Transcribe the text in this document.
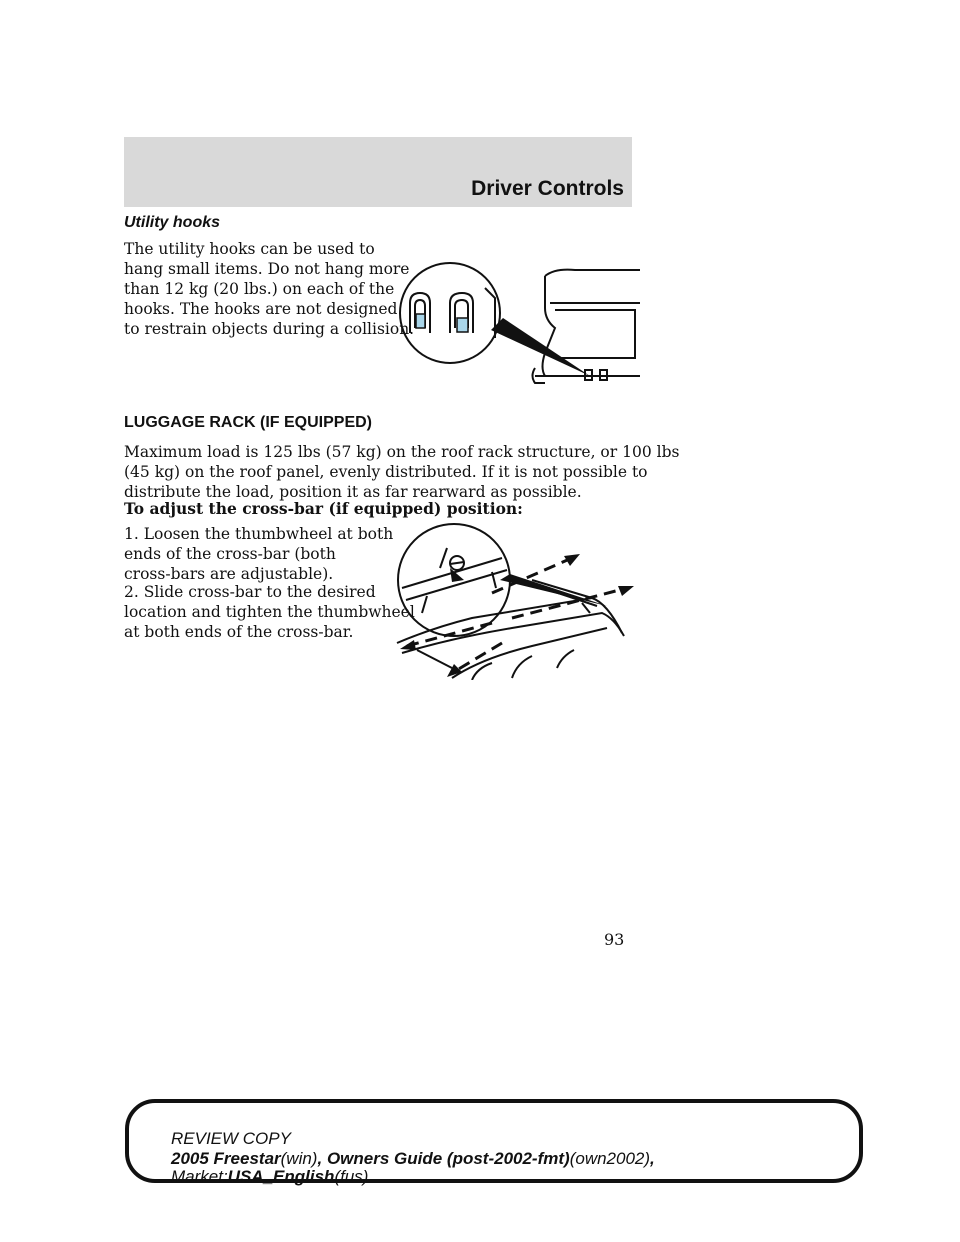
Driver Controls
Utility hooks
The utility hooks can be used to
hang small items. Do not hang more
than 12 kg (20 lbs.) on each of the
hooks. The hooks are not designed
to restrain objects during a collision.
LUGGAGE RACK (IF EQUIPPED)
Maximum load is 125 lbs (57 kg) on the roof rack structure, or 100 lbs
(45 kg) on the roof panel, evenly distributed. If it is not possible to
distribute the load, position it as far rearward as possible.
To adjust the cross-bar (if equipped) position:
1. Loosen the thumbwheel at both
ends of the cross-bar (both
cross-bars are adjustable).
2. Slide cross-bar to the desired
location and tighten the thumbwheel
at both ends of the cross-bar.
93
REVIEW COPY
2005 Freestar(win), Owners Guide (post-2002-fmt)(own2002),
Market:USA_English(fus)
